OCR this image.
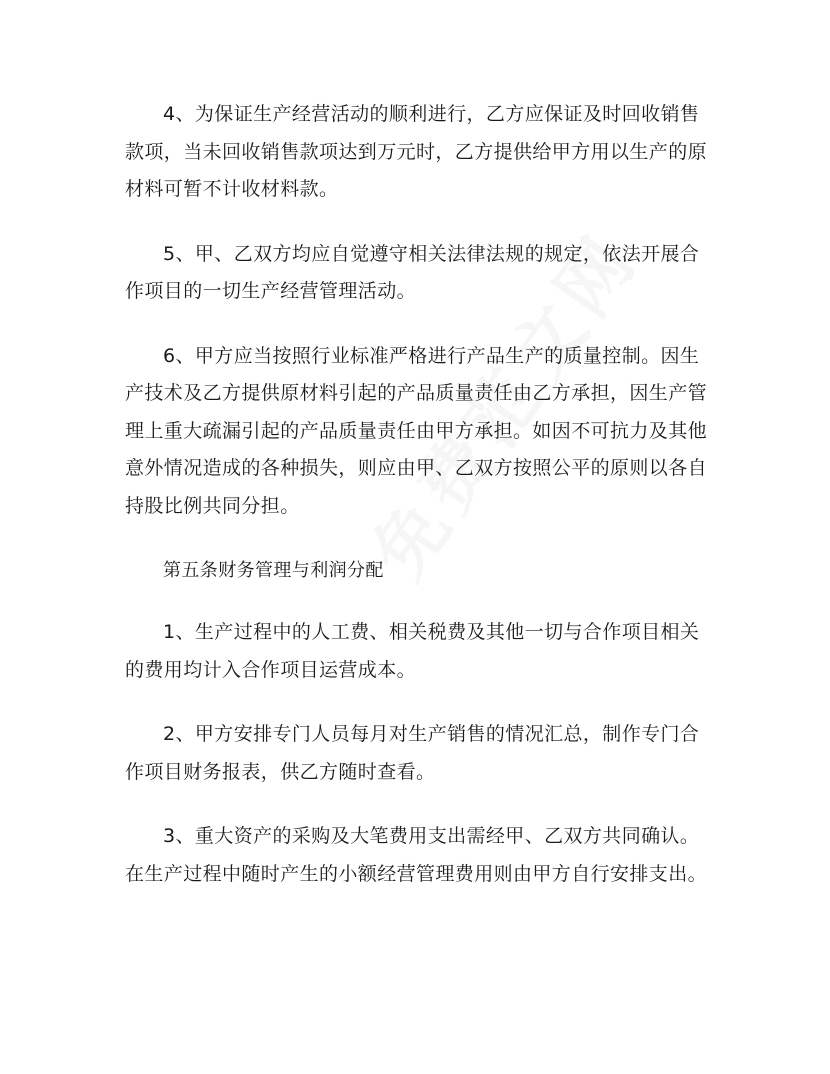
4、为保证生产经营活动的顺利进行，乙方应保证及时回收销售款项，当未回收销售款项达到万元时，乙方提供给甲方用以生产的原材料可暂不计收材料款。

5、甲、乙双方均应自觉遵守相关法律法规的规定，依法开展合作项目的一切生产经营管理活动。

6、甲方应当按照行业标准严格进行产品生产的质量控制。因生产技术及乙方提供原材料引起的产品质量责任由乙方承担，因生产管理上重大疏漏引起的产品质量责任由甲方承担。如因不可抗力及其他意外情况造成的各种损失，则应由甲、乙双方按照公平的原则以各自持股比例共同分担。

第五条财务管理与利润分配

1、生产过程中的人工费、相关税费及其他一切与合作项目相关的费用均计入合作项目运营成本。

2、甲方安排专门人员每月对生产销售的情况汇总，制作专门合作项目财务报表，供乙方随时查看。

3、重大资产的采购及大笔费用支出需经甲、乙双方共同确认。在生产过程中随时产生的小额经营管理费用则由甲方自行安排支出。
